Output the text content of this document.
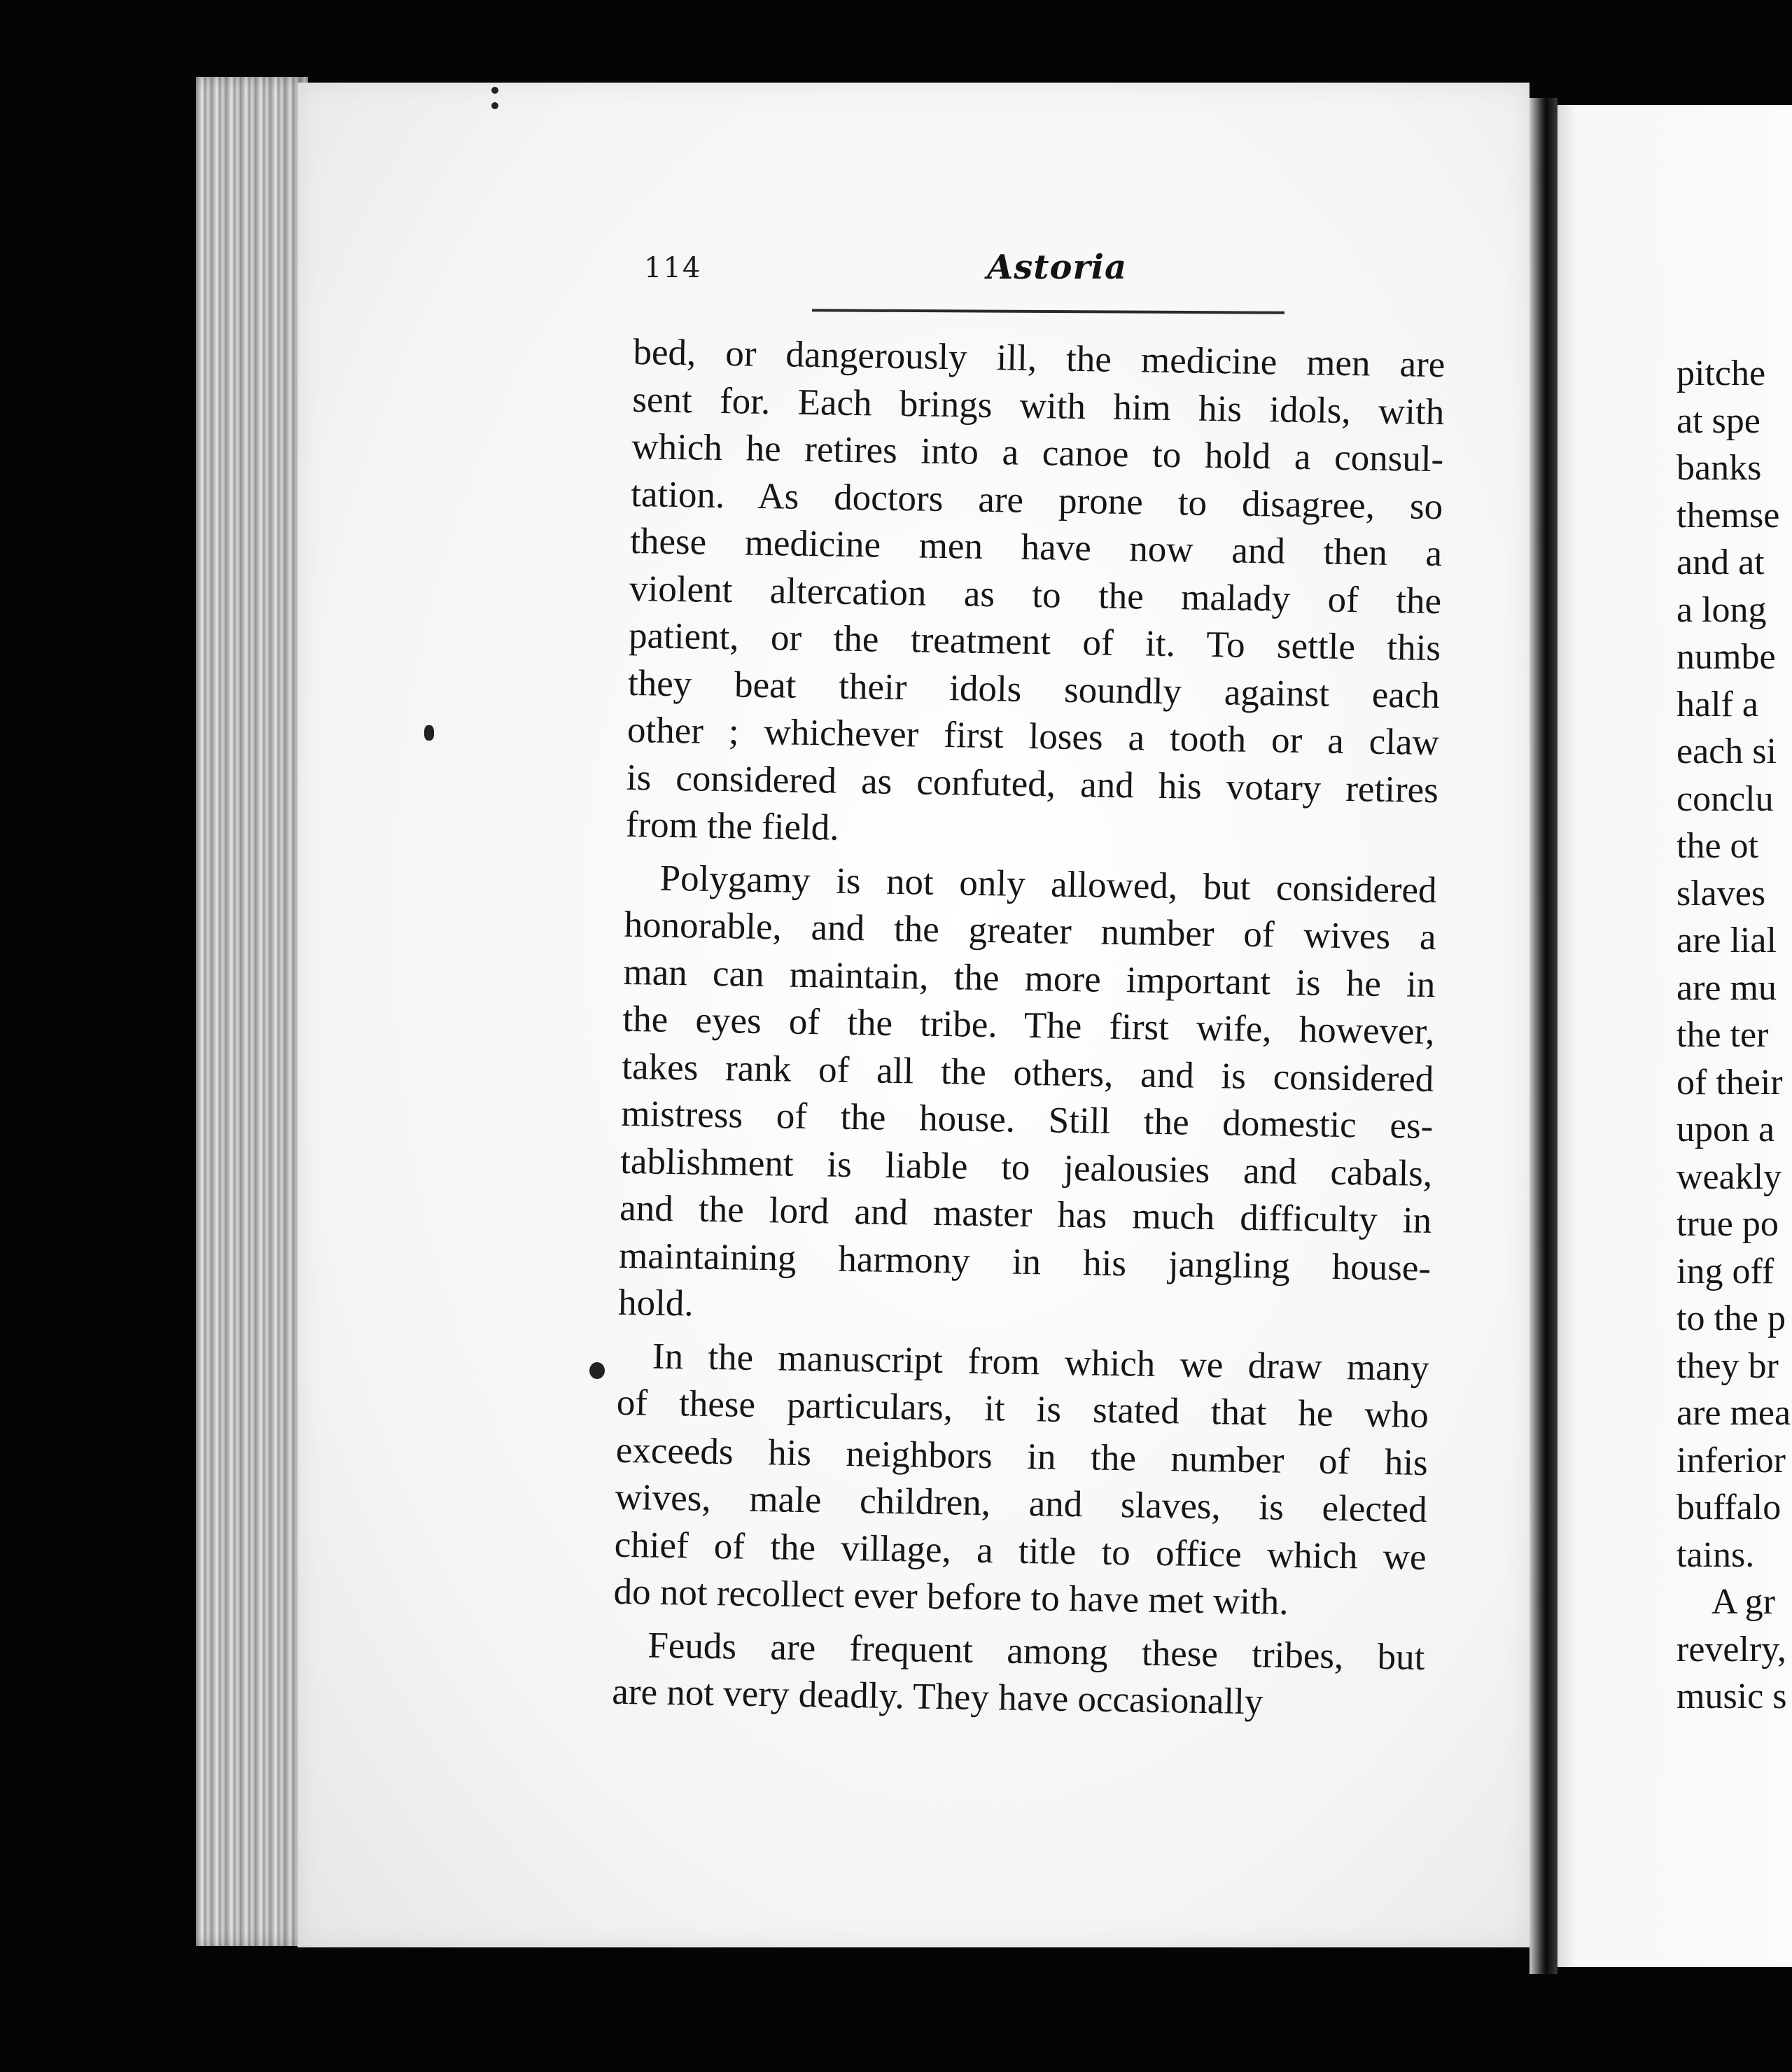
114	Astoria
bed, or dangerously ill, the medicine men are
sent for. Each brings with him his idols, with
which he retires into a canoe to hold a consul-
tation. As doctors are prone to disagree, so
these medicine men have now and then a
violent altercation as to the malady of the
patient, or the treatment of it. To settle this
they beat their idols soundly against each
other ; whichever first loses a tooth or a claw
is considered as confuted, and his votary retires
from the field.
Polygamy is not only allowed, but considered
honorable, and the greater number of wives a
man can maintain, the more important is he in
the eyes of the tribe. The first wife, however,
takes rank of all the others, and is considered
mistress of the house. Still the domestic es-
tablishment is liable to jealousies and cabals,
and the lord and master has much difficulty in
maintaining harmony in his jangling house-
hold.
In the manuscript from which we draw many
of these particulars, it is stated that he who
exceeds his neighbors in the number of his
wives, male children, and slaves, is elected
chief of the village, a title to office which we
do not recollect ever before to have met with.
Feuds are frequent among these tribes, but
are not very deadly. They have occasionally
pitche
at spe
banks
themse
and at
a long
numbe
half a
each si
conclu
the ot
slaves
are lial
are mu
the ter
of their
upon a
weakly
true po
ing off
to the p
they br
are mea
inferior
buffalo
tains.
A gr
revelry,
music s
